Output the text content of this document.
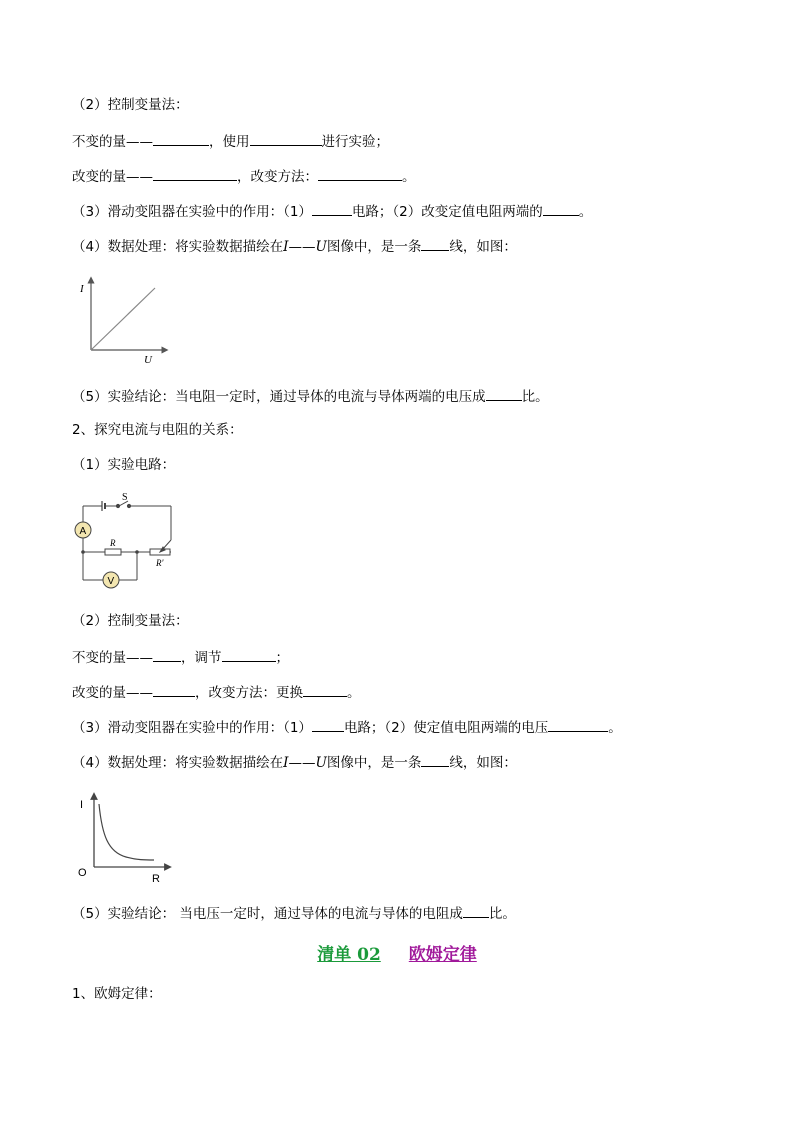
（2）控制变量法：
不变的量——	，使用	进行实验；
改变的量——	，改变方法：	。
（3）滑动变阻器在实验中的作用：（1）	电路；（2）改变定值电阻两端的	。
（4）数据处理：将实验数据描绘在I——U图像中，是一条 线，如图：
I
U
（5）实验结论：当电阻一定时，通过导体的电流与导体两端的电压成	比。
2、探究电流与电阻的关系：
（1）实验电路：
A
V
S
R
R'
（2）控制变量法：
不变的量—— ，调节	；
改变的量——	，改变方法：更换	。
（3）滑动变阻器在实验中的作用：（1） 电路；（2）使定值电阻两端的电压	。
（4）数据处理：将实验数据描绘在I——U图像中，是一条 线，如图：
I
O	R
（5）实验结论： 当电压一定时，通过导体的电流与导体的电阻成 比。
清单 02 欧姆定律
1、欧姆定律：
